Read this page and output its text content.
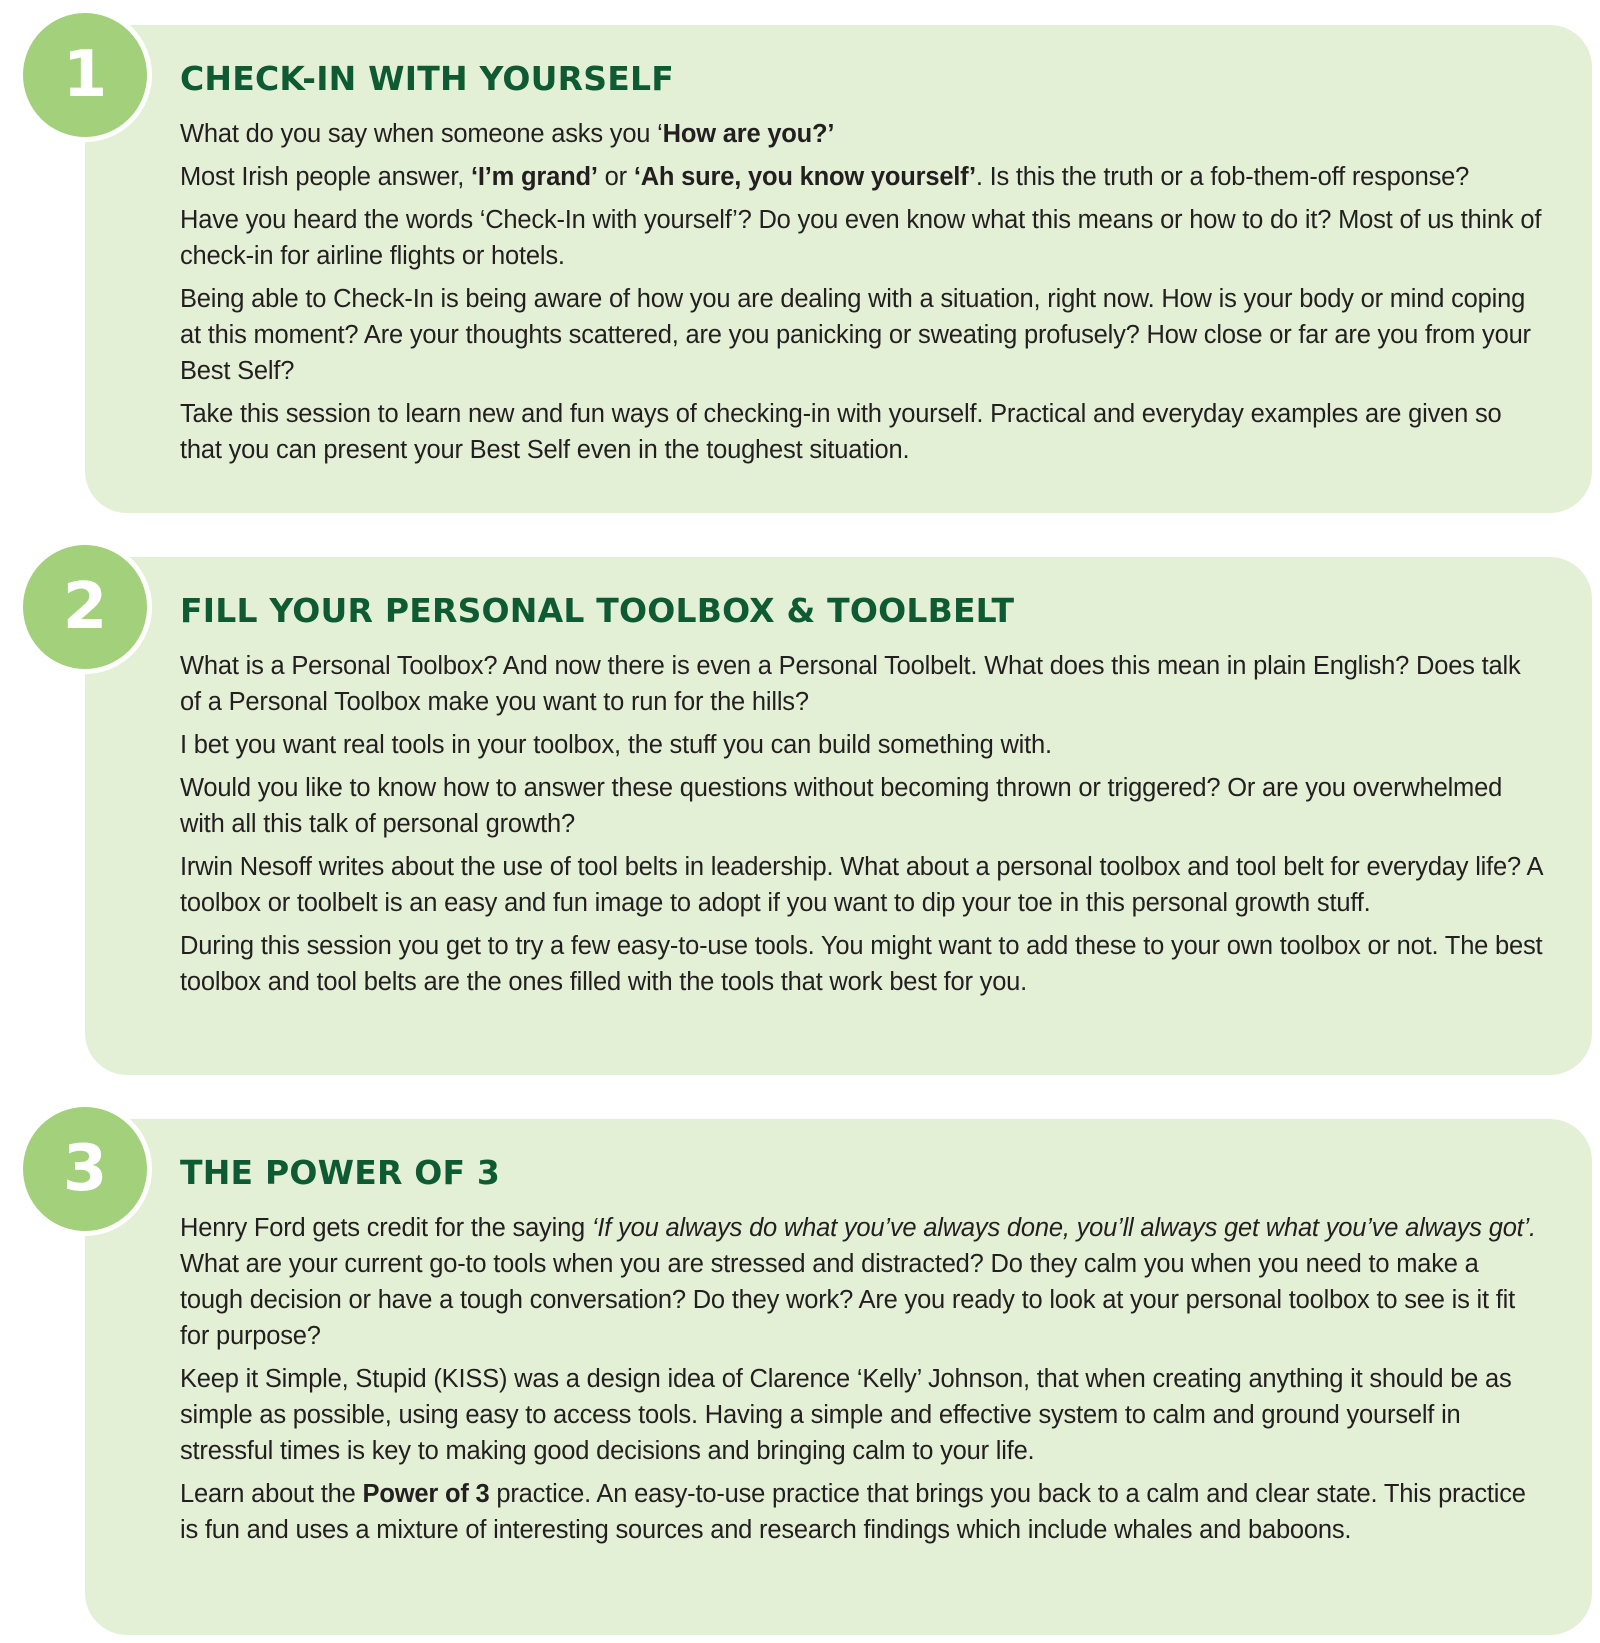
1	CHECK-IN WITH YOURSELF

What do you say when someone asks you ‘How are you?’

Most Irish people answer, ‘I’m grand’ or ‘Ah sure, you know yourself’. Is this the truth or a fob-them-off response?

Have you heard the words ‘Check-In with yourself’? Do you even know what this means or how to do it? Most of us think of check-in for airline flights or hotels.

Being able to Check-In is being aware of how you are dealing with a situation, right now. How is your body or mind coping at this moment? Are your thoughts scattered, are you panicking or sweating profusely? How close or far are you from your Best Self?

Take this session to learn new and fun ways of checking-in with yourself. Practical and everyday examples are given so that you can present your Best Self even in the toughest situation.

2	FILL YOUR PERSONAL TOOLBOX & TOOLBELT

What is a Personal Toolbox? And now there is even a Personal Toolbelt. What does this mean in plain English? Does talk of a Personal Toolbox make you want to run for the hills?

I bet you want real tools in your toolbox, the stuff you can build something with.

Would you like to know how to answer these questions without becoming thrown or triggered? Or are you overwhelmed with all this talk of personal growth?

Irwin Nesoff writes about the use of tool belts in leadership. What about a personal toolbox and tool belt for everyday life? A toolbox or toolbelt is an easy and fun image to adopt if you want to dip your toe in this personal growth stuff.

During this session you get to try a few easy-to-use tools. You might want to add these to your own toolbox or not. The best toolbox and tool belts are the ones filled with the tools that work best for you.

3	THE POWER OF 3

Henry Ford gets credit for the saying ‘If you always do what you’ve always done, you’ll always get what you’ve always got’. What are your current go-to tools when you are stressed and distracted? Do they calm you when you need to make a tough decision or have a tough conversation? Do they work? Are you ready to look at your personal toolbox to see is it fit for purpose?

Keep it Simple, Stupid (KISS) was a design idea of Clarence ‘Kelly’ Johnson, that when creating anything it should be as simple as possible, using easy to access tools. Having a simple and effective system to calm and ground yourself in stressful times is key to making good decisions and bringing calm to your life.

Learn about the Power of 3 practice. An easy-to-use practice that brings you back to a calm and clear state. This practice is fun and uses a mixture of interesting sources and research findings which include whales and baboons.
